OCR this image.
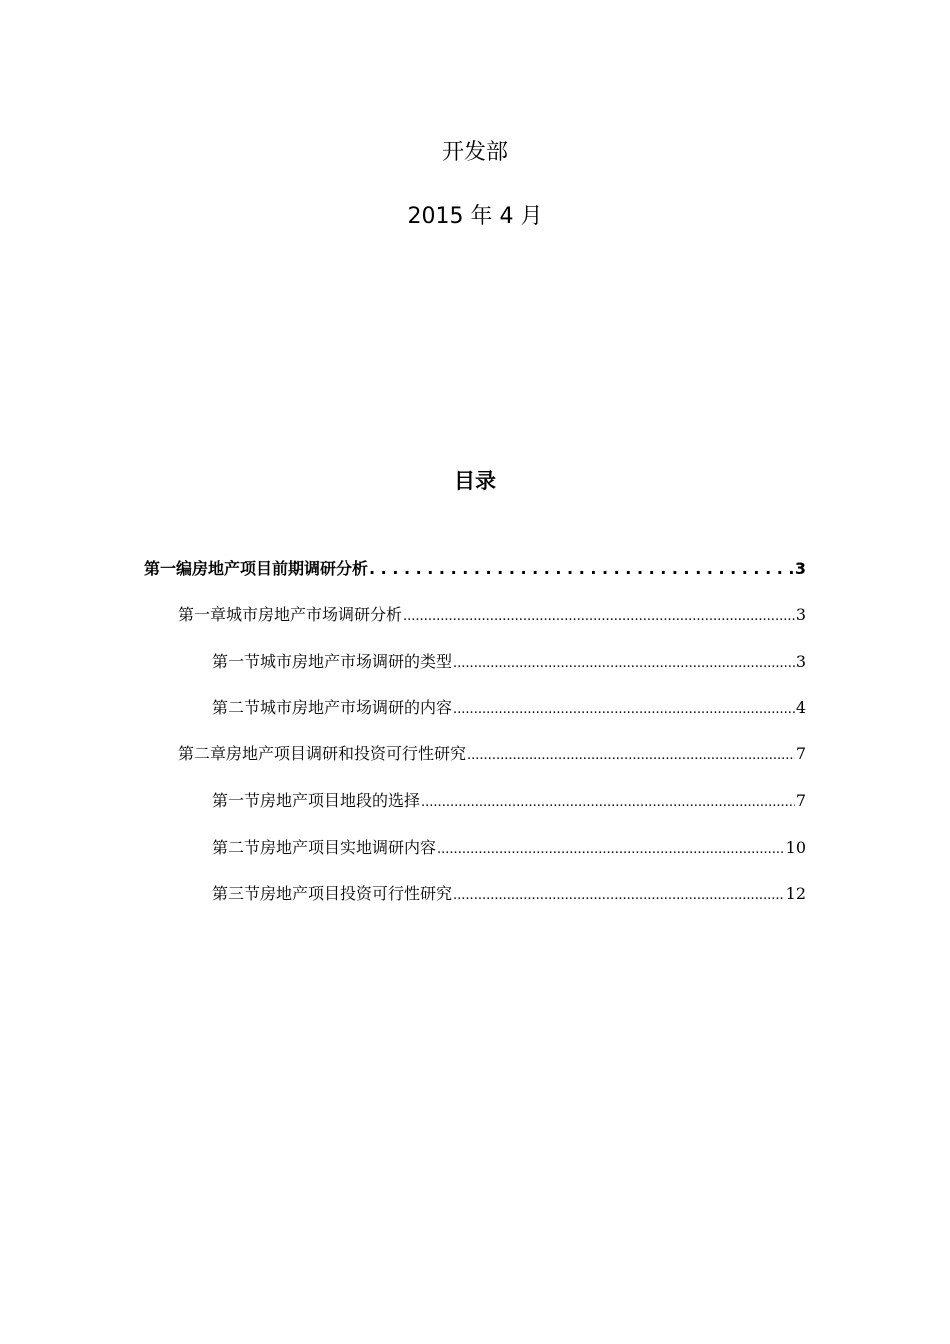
开发部
2015 年 4 月
目录
第一编 房地产项目前期调研分析 . . .	3
第一章 城市房地产市场调研分析 .....	3
第一节 城市房地产市场调研的类型 .....	3
第二节 城市房地产市场调研的内容 .....	4
第二章 房地产项目调研和投资可行性研究 .....	7
第一节 房地产项目地段的选择 .....	7
第二节 房地产项目实地调研内容 .....	10
第三节 房地产项目投资可行性研究 .....	12
